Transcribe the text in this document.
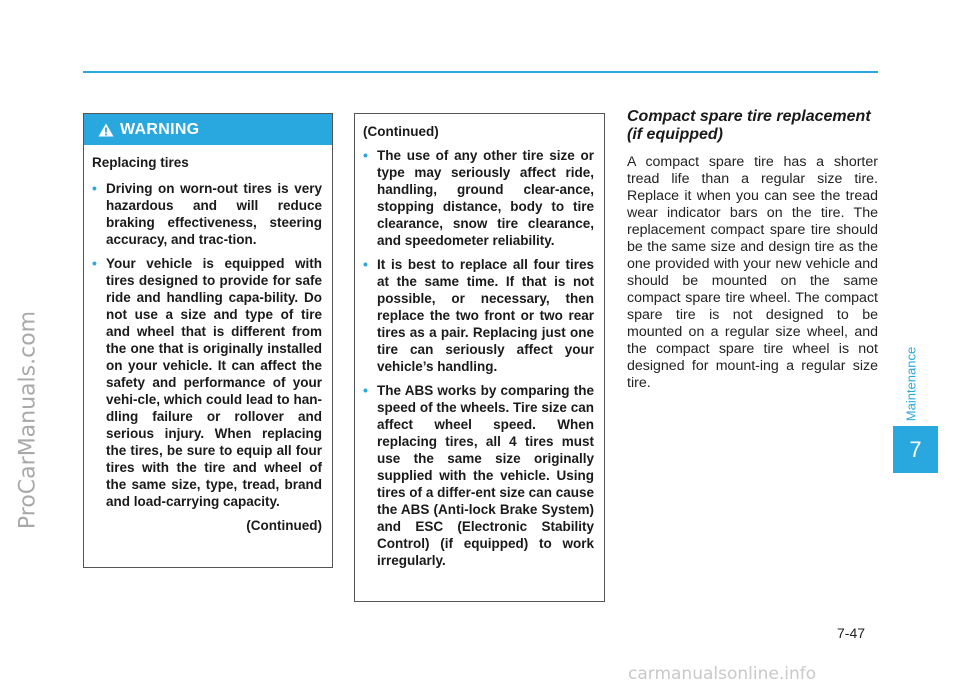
ProCarManuals.com	Maintenance
7
WARNING
Replacing tires
• Driving on worn-out tires is very hazardous and will reduce braking effectiveness, steering accuracy, and trac-tion.
• Your vehicle is equipped with tires designed to provide for safe ride and handling capa-bility. Do not use a size and type of tire and wheel that is different from the one that is originally installed on your vehicle. It can affect the safety and performance of your vehi-cle, which could lead to han-dling failure or rollover and serious injury. When replacing the tires, be sure to equip all four tires with the tire and wheel of the same size, type, tread, brand and load-carrying capacity.
(Continued)
(Continued)
• The use of any other tire size or type may seriously affect ride, handling, ground clear-ance, stopping distance, body to tire clearance, snow tire clearance, and speedometer reliability.
• It is best to replace all four tires at the same time. If that is not possible, or necessary, then replace the two front or two rear tires as a pair. Replacing just one tire can seriously affect your vehicle’s handling.
• The ABS works by comparing the speed of the wheels. Tire size can affect wheel speed. When replacing tires, all 4 tires must use the same size originally supplied with the vehicle. Using tires of a differ-ent size can cause the ABS (Anti-lock Brake System) and ESC (Electronic Stability Control) (if equipped) to work irregularly.
Compact spare tire replacement (if equipped)

A compact spare tire has a shorter tread life than a regular size tire. Replace it when you can see the tread wear indicator bars on the tire. The replacement compact spare tire should be the same size and design tire as the one provided with your new vehicle and should be mounted on the same compact spare tire wheel. The compact spare tire is not designed to be mounted on a regular size wheel, and the compact spare tire wheel is not designed for mount-ing a regular size tire.

7-47
carmanualsonline.info
